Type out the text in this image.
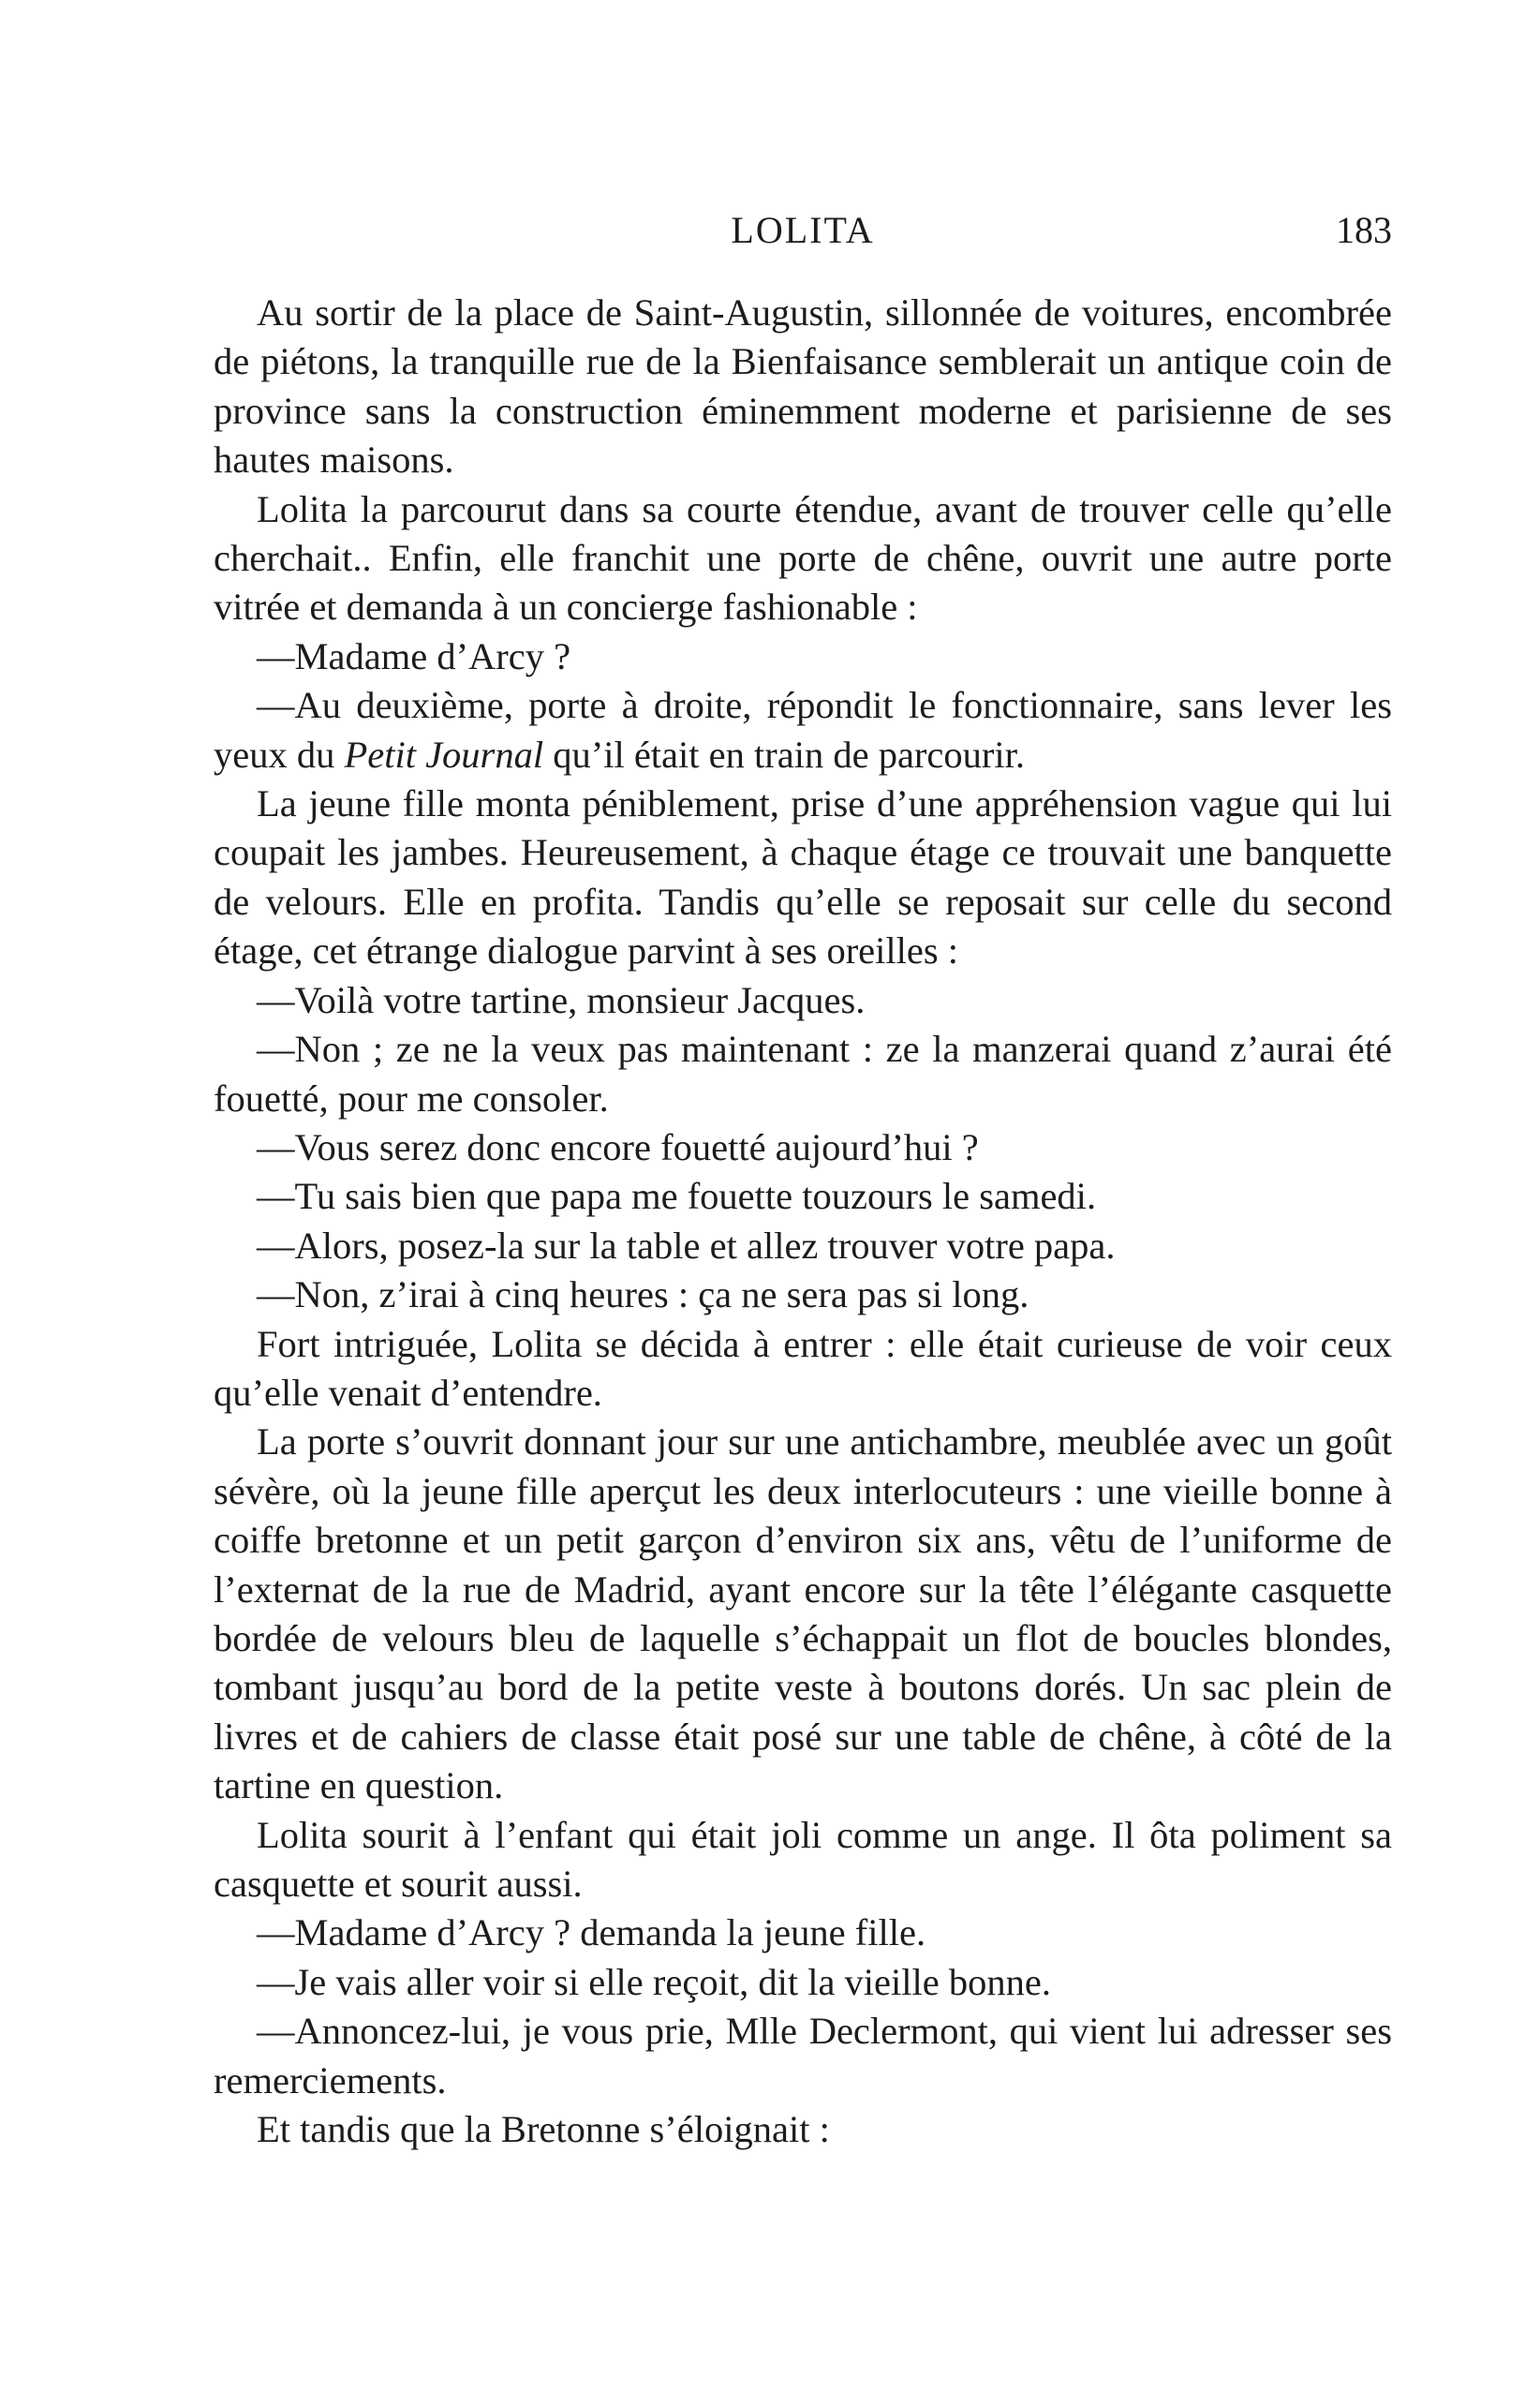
LOLITA	183

Au sortir de la place de Saint-Augustin, sillonnée de voitures, encombrée de piétons, la tranquille rue de la Bienfaisance semblerait un antique coin de province sans la construction éminemment moderne et parisienne de ses hautes maisons.

Lolita la parcourut dans sa courte étendue, avant de trouver celle qu’elle cherchait.. Enfin, elle franchit une porte de chêne, ouvrit une autre porte vitrée et demanda à un concierge fashionable :

—Madame d’Arcy ?

—Au deuxième, porte à droite, répondit le fonctionnaire, sans lever les yeux du Petit Journal qu’il était en train de parcourir.

La jeune fille monta péniblement, prise d’une appréhension vague qui lui coupait les jambes. Heureusement, à chaque étage ce trouvait une banquette de velours. Elle en profita. Tandis qu’elle se reposait sur celle du second étage, cet étrange dialogue parvint à ses oreilles :

—Voilà votre tartine, monsieur Jacques.

—Non ; ze ne la veux pas maintenant : ze la manzerai quand z’aurai été fouetté, pour me consoler.

—Vous serez donc encore fouetté aujourd’hui ?

—Tu sais bien que papa me fouette touzours le samedi.

—Alors, posez-la sur la table et allez trouver votre papa.

—Non, z’irai à cinq heures : ça ne sera pas si long.

Fort intriguée, Lolita se décida à entrer : elle était curieuse de voir ceux qu’elle venait d’entendre.

La porte s’ouvrit donnant jour sur une antichambre, meublée avec un goût sévère, où la jeune fille aperçut les deux interlocuteurs : une vieille bonne à coiffe bretonne et un petit garçon d’environ six ans, vêtu de l’uniforme de l’externat de la rue de Madrid, ayant encore sur la tête l’élégante casquette bordée de velours bleu de laquelle s’échappait un flot de boucles blondes, tombant jusqu’au bord de la petite veste à boutons dorés. Un sac plein de livres et de cahiers de classe était posé sur une table de chêne, à côté de la tartine en question.

Lolita sourit à l’enfant qui était joli comme un ange. Il ôta poliment sa casquette et sourit aussi.

—Madame d’Arcy ? demanda la jeune fille.

—Je vais aller voir si elle reçoit, dit la vieille bonne.

—Annoncez-lui, je vous prie, Mlle Declermont, qui vient lui adresser ses remerciements.

Et tandis que la Bretonne s’éloignait :
